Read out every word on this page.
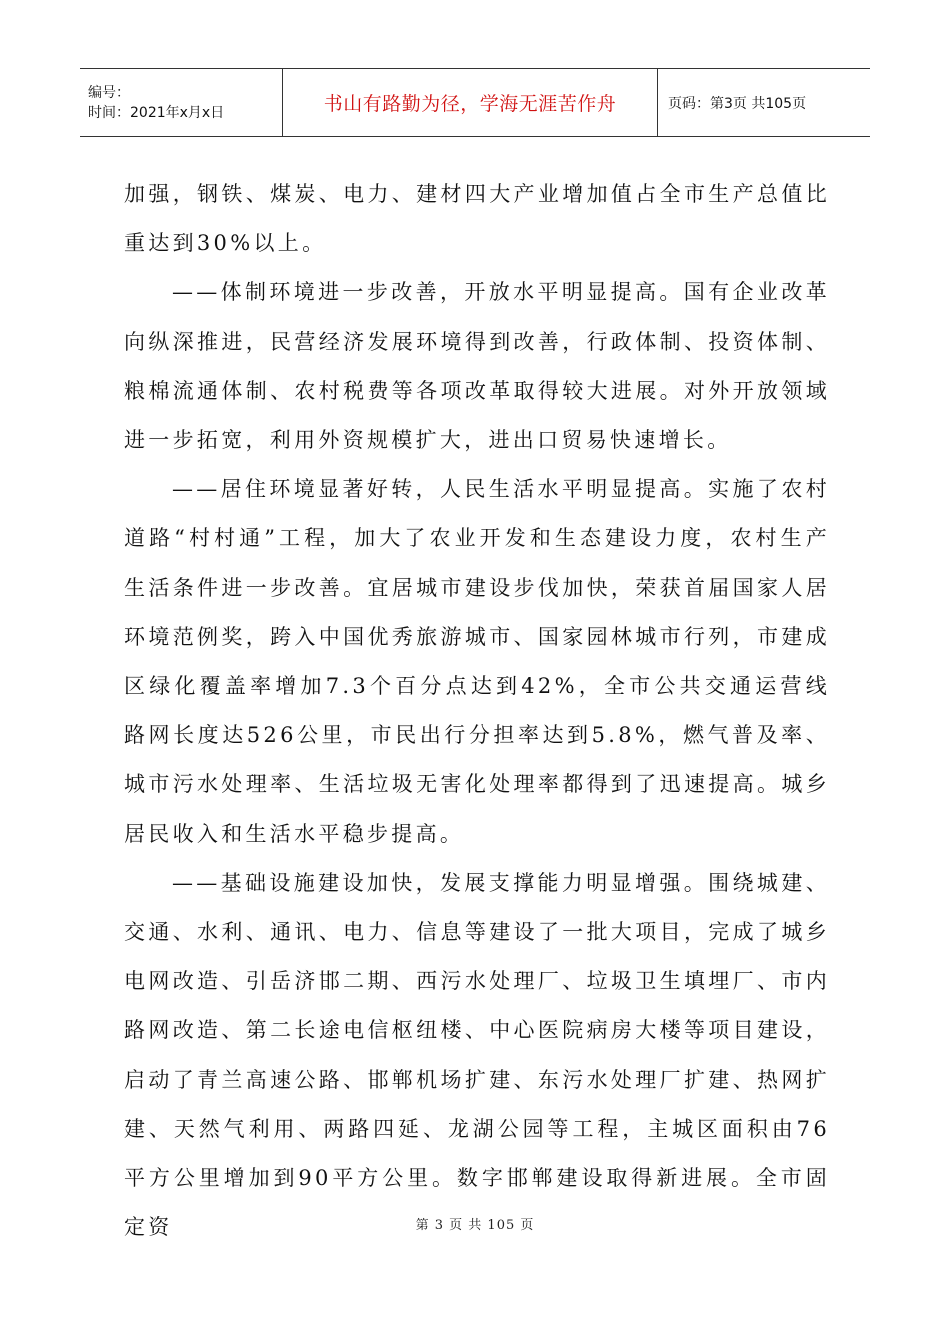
编号：
时间：2021年x月x日	书山有路勤为径，学海无涯苦作舟	页码：第3页 共105页

加强，钢铁、煤炭、电力、建材四大产业增加值占全市生产总值比重达到30%以上。

——体制环境进一步改善，开放水平明显提高。国有企业改革向纵深推进，民营经济发展环境得到改善，行政体制、投资体制、粮棉流通体制、农村税费等各项改革取得较大进展。对外开放领域进一步拓宽，利用外资规模扩大，进出口贸易快速增长。

——居住环境显著好转，人民生活水平明显提高。实施了农村道路“村村通”工程，加大了农业开发和生态建设力度，农村生产生活条件进一步改善。宜居城市建设步伐加快，荣获首届国家人居环境范例奖，跨入中国优秀旅游城市、国家园林城市行列，市建成区绿化覆盖率增加7.3个百分点达到42%，全市公共交通运营线路网长度达526公里，市民出行分担率达到5.8%，燃气普及率、城市污水处理率、生活垃圾无害化处理率都得到了迅速提高。城乡居民收入和生活水平稳步提高。

——基础设施建设加快，发展支撑能力明显增强。围绕城建、交通、水利、通讯、电力、信息等建设了一批大项目，完成了城乡电网改造、引岳济邯二期、西污水处理厂、垃圾卫生填埋厂、市内路网改造、第二长途电信枢纽楼、中心医院病房大楼等项目建设，启动了青兰高速公路、邯郸机场扩建、东污水处理厂扩建、热网扩建、天然气利用、两路四延、龙湖公园等工程，主城区面积由76平方公里增加到90平方公里。数字邯郸建设取得新进展。全市固定资	第 3 页 共 105 页
